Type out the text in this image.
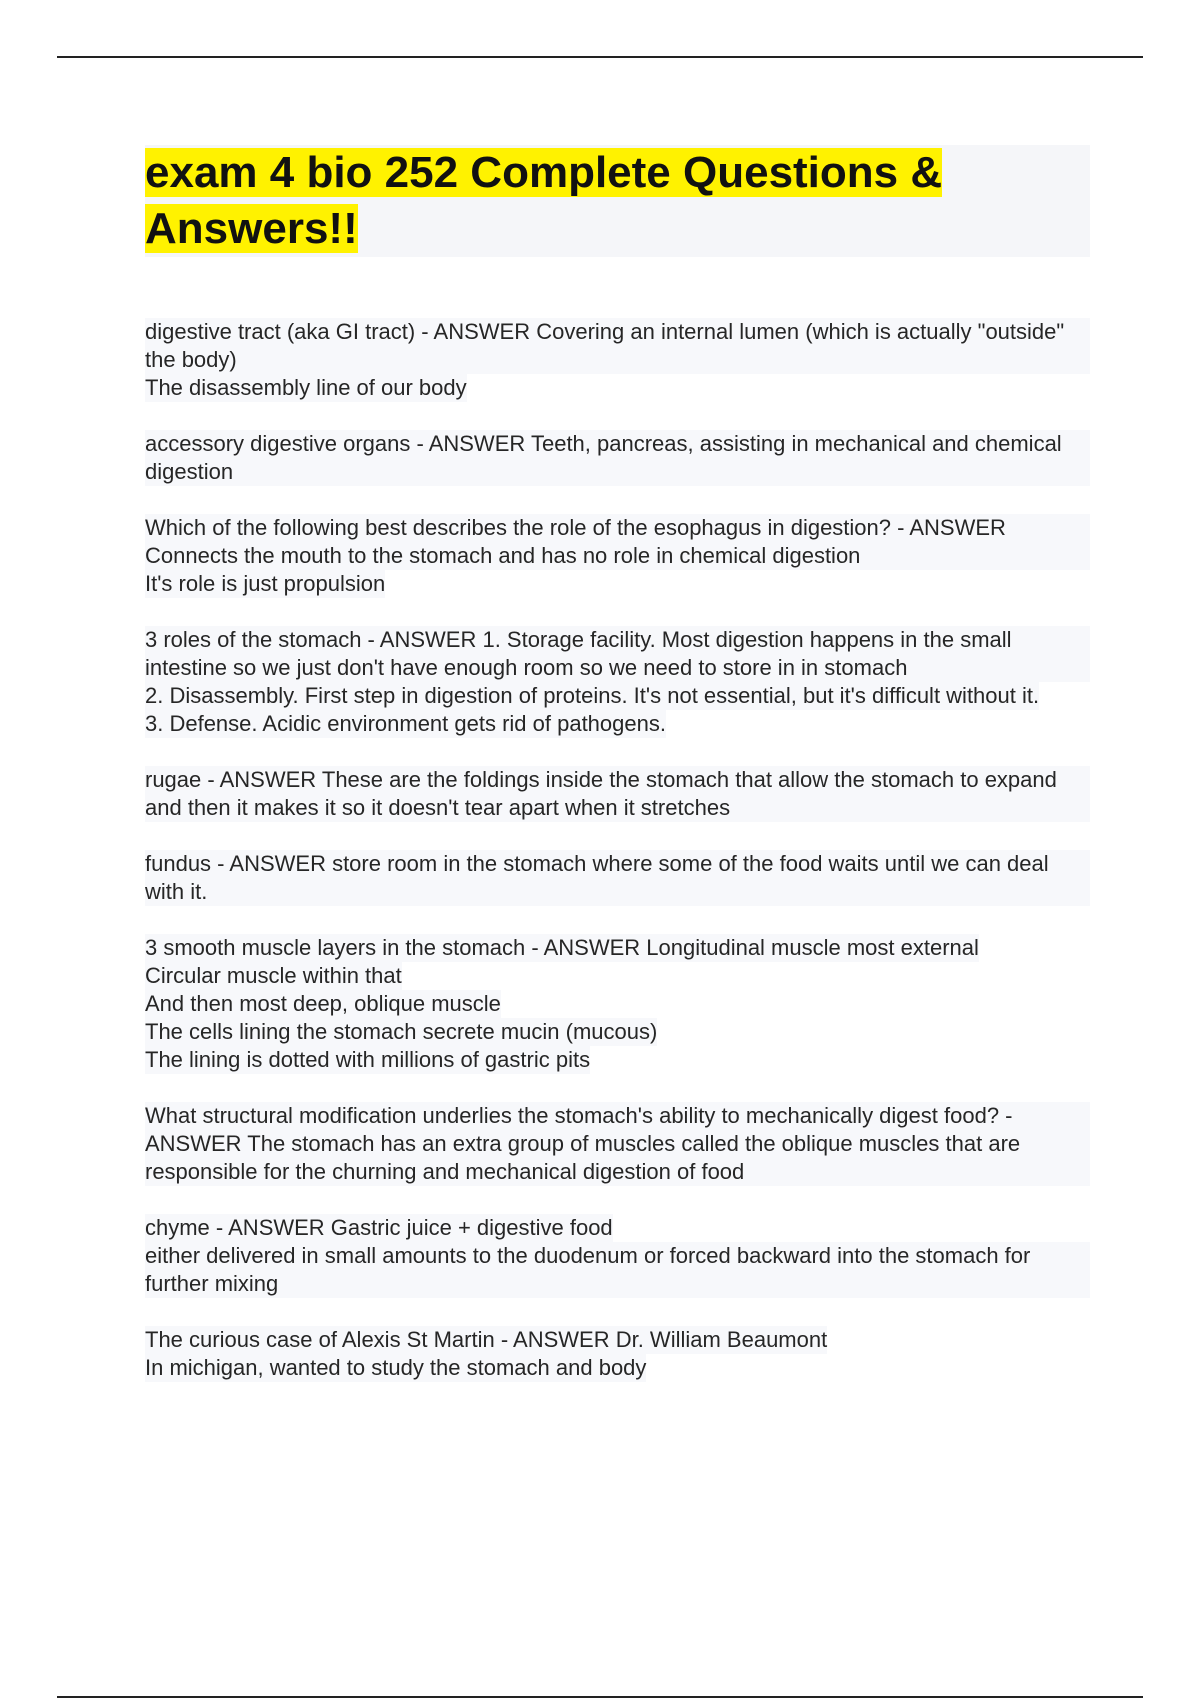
exam 4 bio 252 Complete Questions & Answers!!
digestive tract (aka GI tract) - ANSWER Covering an internal lumen (which is actually "outside" the body)
The disassembly line of our body
accessory digestive organs - ANSWER Teeth, pancreas, assisting in mechanical and chemical digestion
Which of the following best describes the role of the esophagus in digestion? - ANSWER Connects the mouth to the stomach and has no role in chemical digestion
It's role is just propulsion
3 roles of the stomach - ANSWER 1. Storage facility. Most digestion happens in the small intestine so we just don't have enough room so we need to store in in stomach
2. Disassembly. First step in digestion of proteins. It's not essential, but it's difficult without it.
3. Defense. Acidic environment gets rid of pathogens.
rugae - ANSWER These are the foldings inside the stomach that allow the stomach to expand and then it makes it so it doesn't tear apart when it stretches
fundus - ANSWER store room in the stomach where some of the food waits until we can deal with it.
3 smooth muscle layers in the stomach - ANSWER Longitudinal muscle most external
Circular muscle within that
And then most deep, oblique muscle
The cells lining the stomach secrete mucin (mucous)
The lining is dotted with millions of gastric pits
What structural modification underlies the stomach's ability to mechanically digest food? - ANSWER The stomach has an extra group of muscles called the oblique muscles that are responsible for the churning and mechanical digestion of food
chyme - ANSWER Gastric juice + digestive food
either delivered in small amounts to the duodenum or forced backward into the stomach for further mixing
The curious case of Alexis St Martin - ANSWER Dr. William Beaumont
In michigan, wanted to study the stomach and body
